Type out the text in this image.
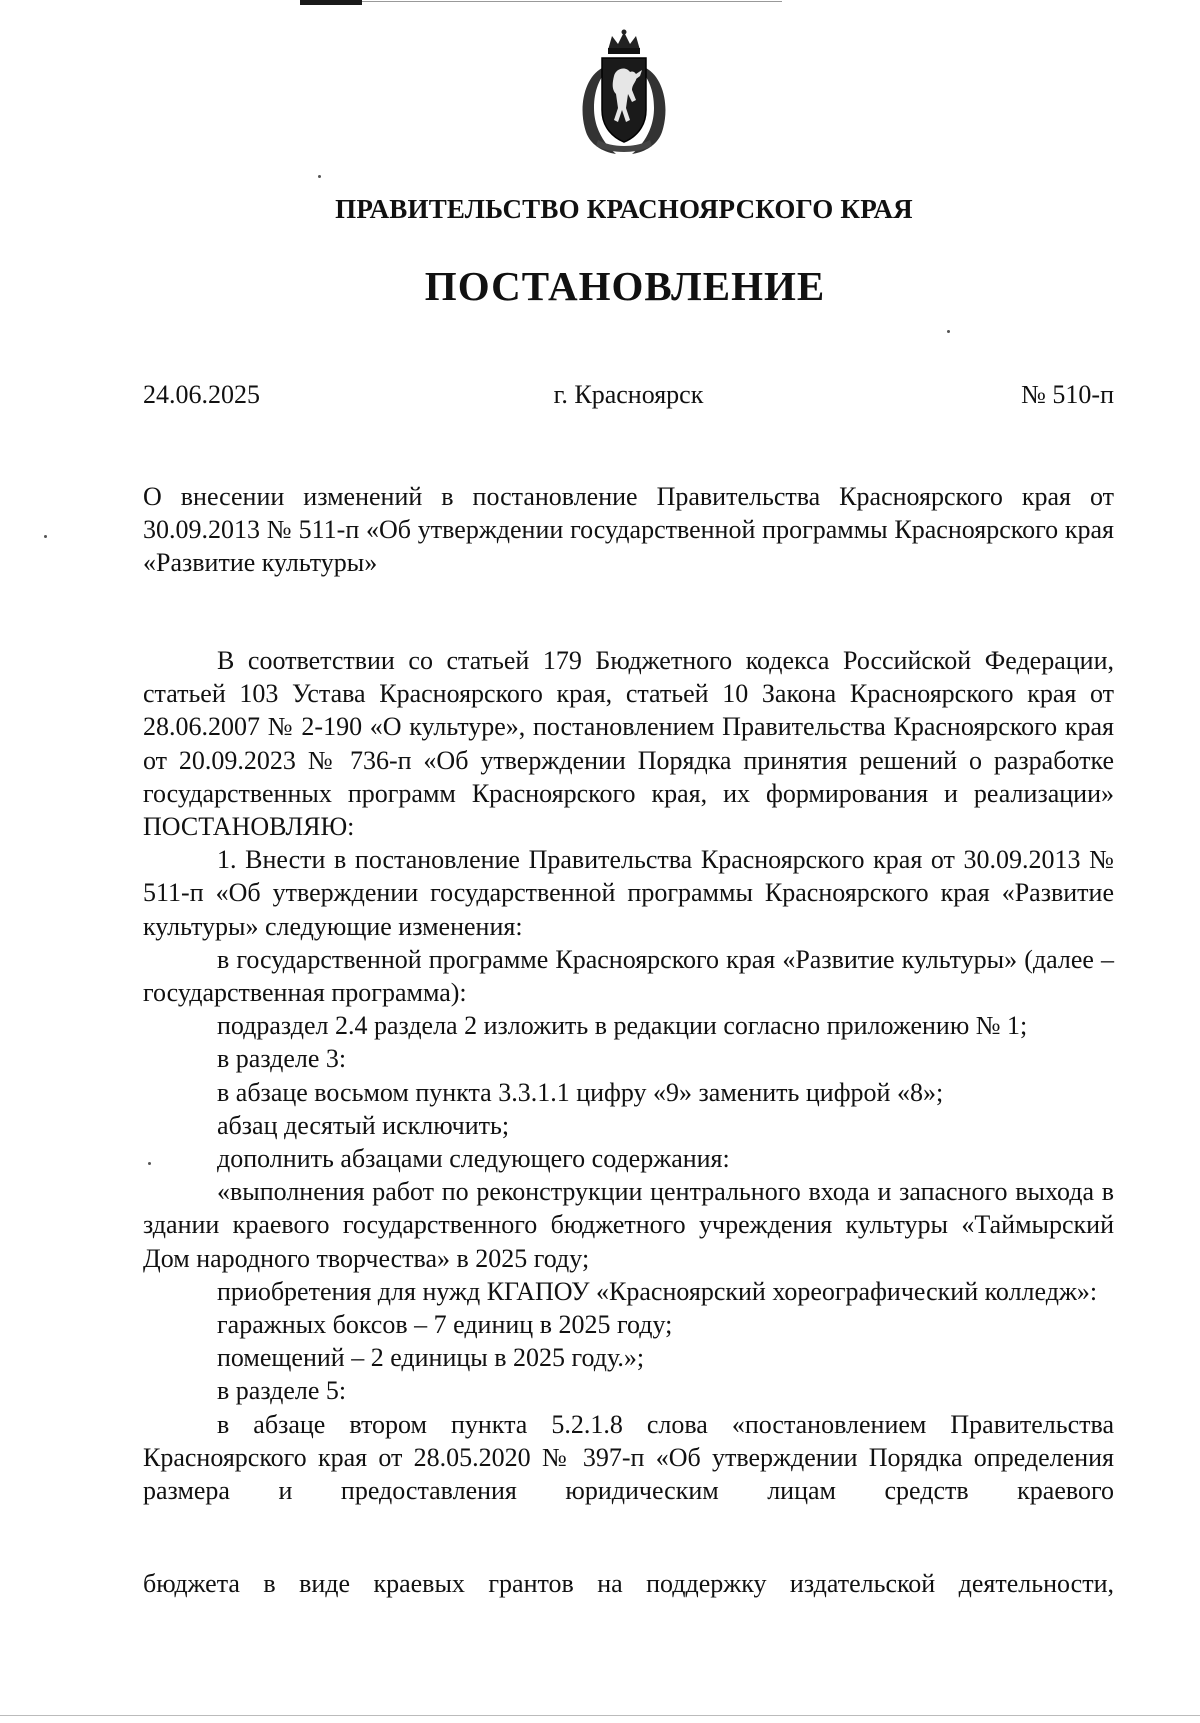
ПРАВИТЕЛЬСТВО КРАСНОЯРСКОГО КРАЯ
ПОСТАНОВЛЕНИЕ
24.06.2025	г. Красноярск	№ 510-п

О внесении изменений в постановление Правительства Красноярского края от 30.09.2013 № 511-п «Об утверждении государственной программы Красноярского края «Развитие культуры»

В соответствии со статьей 179 Бюджетного кодекса Российской Федерации, статьей 103 Устава Красноярского края, статьей 10 Закона Красноярского края от 28.06.2007 № 2-190 «О культуре», постановлением Правительства Красноярского края от 20.09.2023 № 736-п «Об утверждении Порядка принятия решений о разработке государственных программ Красноярского края, их формирования и реализации» ПОСТАНОВЛЯЮ:

1. Внести в постановление Правительства Красноярского края от 30.09.2013 № 511-п «Об утверждении государственной программы Красноярского края «Развитие культуры» следующие изменения:

в государственной программе Красноярского края «Развитие культуры» (далее – государственная программа):

подраздел 2.4 раздела 2 изложить в редакции согласно приложению № 1;

в разделе 3:

в абзаце восьмом пункта 3.3.1.1 цифру «9» заменить цифрой «8»;

абзац десятый исключить;

дополнить абзацами следующего содержания:

«выполнения работ по реконструкции центрального входа и запасного выхода в здании краевого государственного бюджетного учреждения культуры «Таймырский Дом народного творчества» в 2025 году;

приобретения для нужд КГАПОУ «Красноярский хореографический колледж»:

гаражных боксов – 7 единиц в 2025 году;

помещений – 2 единицы в 2025 году.»;

в разделе 5:

в абзаце втором пункта 5.2.1.8 слова «постановлением Правительства Красноярского края от 28.05.2020 № 397-п «Об утверждении Порядка определения размера и предоставления юридическим лицам средств краевого

бюджета в виде краевых грантов на поддержку издательской деятельности,
